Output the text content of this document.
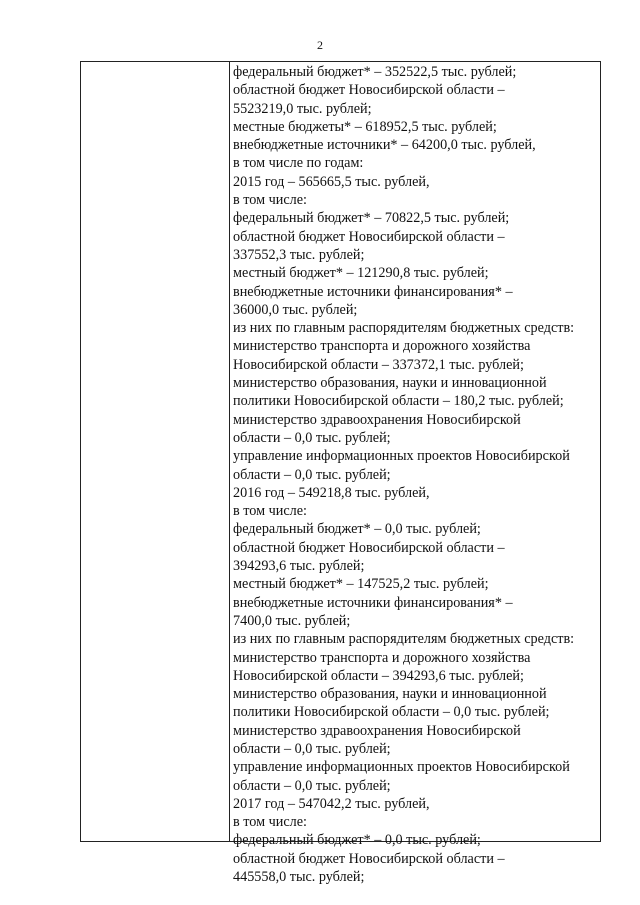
2
федеральный бюджет* – 352522,5 тыс. рублей;
областной бюджет Новосибирской области –
5523219,0 тыс. рублей;
местные бюджеты* – 618952,5 тыс. рублей;
внебюджетные источники* – 64200,0 тыс. рублей,
в том числе по годам:
2015 год – 565665,5 тыс. рублей,
в том числе:
федеральный бюджет* – 70822,5 тыс. рублей;
областной бюджет Новосибирской области –
337552,3 тыс. рублей;
местный бюджет* – 121290,8 тыс. рублей;
внебюджетные источники финансирования* –
36000,0 тыс. рублей;
из них по главным распорядителям бюджетных средств:
министерство транспорта и дорожного хозяйства
Новосибирской области – 337372,1 тыс. рублей;
министерство образования, науки и инновационной
политики Новосибирской области – 180,2 тыс. рублей;
министерство здравоохранения Новосибирской
области – 0,0 тыс. рублей;
управление информационных проектов Новосибирской
области – 0,0 тыс. рублей;
2016 год – 549218,8 тыс. рублей,
в том числе:
федеральный бюджет* – 0,0 тыс. рублей;
областной бюджет Новосибирской области –
394293,6 тыс. рублей;
местный бюджет* – 147525,2 тыс. рублей;
внебюджетные источники финансирования* –
7400,0 тыс. рублей;
из них по главным распорядителям бюджетных средств:
министерство транспорта и дорожного хозяйства
Новосибирской области – 394293,6 тыс. рублей;
министерство образования, науки и инновационной
политики Новосибирской области – 0,0 тыс. рублей;
министерство здравоохранения Новосибирской
области – 0,0 тыс. рублей;
управление информационных проектов Новосибирской
области – 0,0 тыс. рублей;
2017 год – 547042,2 тыс. рублей,
в том числе:
федеральный бюджет* – 0,0 тыс. рублей;
областной бюджет Новосибирской области –
445558,0 тыс. рублей;
